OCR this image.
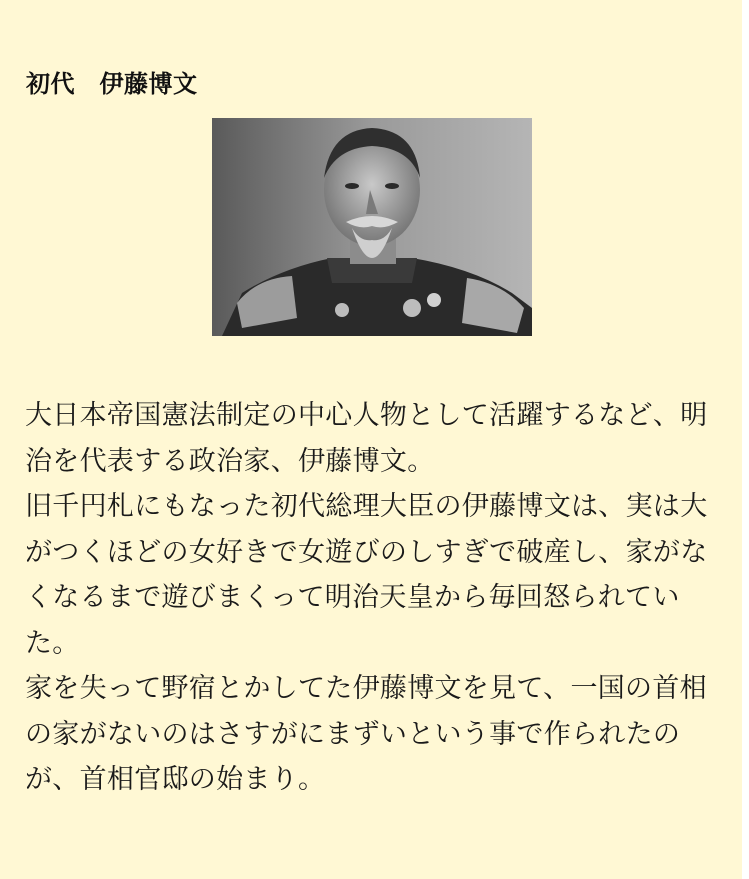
初代　伊藤博文

大日本帝国憲法制定の中心人物として活躍するなど、明治を代表する政治家、伊藤博文。

旧千円札にもなった初代総理大臣の伊藤博文は、実は大がつくほどの女好きで女遊びのしすぎで破産し、家がなくなるまで遊びまくって明治天皇から毎回怒られていた。

家を失って野宿とかしてた伊藤博文を見て、一国の首相の家がないのはさすがにまずいという事で作られたのが、首相官邸の始まり。
